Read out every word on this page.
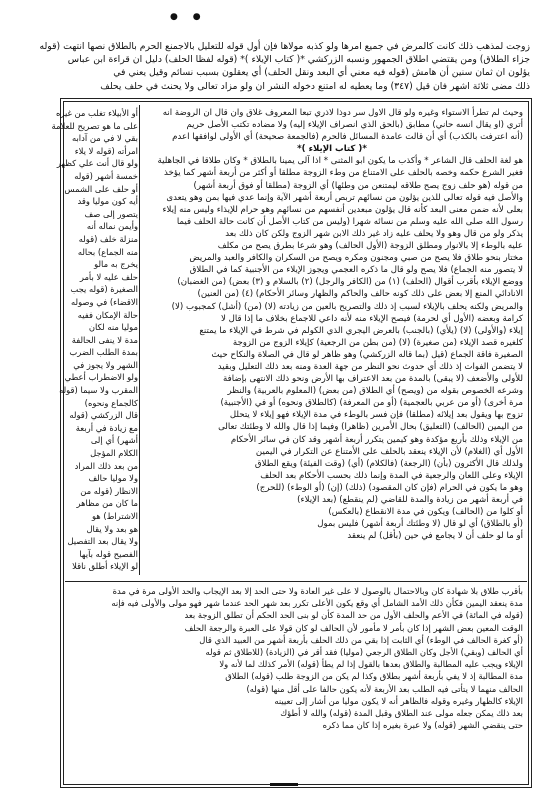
● ●
زوجت لمذهب ذلك كانت كالمرض في جميع امرها ولو كذبه مولاها فإن أول قوله للتعليل بالاجمنع الحرم بالطلاق نصها انتهت (قوله
جزاء الطلاق) ومن يقتضي اطلاق الجمهور ونسبه الزركشي *( كتاب الإيلاء )* (قوله لفظا الحلف) دليل ان قراءة ابن عباس
يؤلون ان ثمان سنين أن هامش (قوله فيه معني أي البعد ونقل الحلف) أي يعقلون بسبب نسائم وقيل يعني في
ذلك مضى ثلاثة اشهر فان قيل (٣٤٧) وما يعطيه له امتنع دخوله النشر ان ولو مزاد تعالى ولا يحنث في حلف يحلف
وحيث لم تطرأ الاستواء وغيره ولو قال الاول سر دوذا لاذري تبعا المعروف غلاق وان قال ان الروضة انه
أتري (او يقال انسه حاني) مطابق (بالحق الذي انصراف الإيلاء إليه) ولا مضاده تكتب الأصل حريم
(أنه اعترفت بالكذب) أي أن قالت عامدة المسائل فالحرم (فالجمعة صحيحة) أي الأولى لوافقها اعدم
*( كتاب الإيلاء )*
هو لغة الحلف قال الشاعر * وأكذب ما يكون ابو المثنى * اذا آلى يمينا بالطلاق * وكان طلاقا في الجاهلية
فغير الشرع حكمه وخصه بالحلف على الامتناع من وطء الزوجة مطلقا أو أكثر من أربعة أشهر كما يؤخذ
من قوله (هو حلف زوج يصح طلاقه ليمتنعن من وطئها) أي الزوجة (مطلقا أو فوق أربعة أشهر)
والأصل فيه قوله تعالى للذين يؤلون من نسائهم تربص أربعة أشهر الآية وإنما عدي فيها بمن وهو يتعدى
بعلى لأنه ضمن معنى البعد كأنه قال يؤلون مبعدين أنفسهم من نسائهم وهو حرام للإيذاء وليس منه إيلاء
رسول الله صلى الله عليه وسلم من نسائه شهرا (وليس من كتاب الأصل أن كانت حالة الحلف فيما
يذكر ولو من قال وهو ولا يحلف عليه زاد غير ذلك الابن شهر الزوج ولكن كان ذلك بعد
عليه بالوطء إلا بالانوار ومطلق الزوجة (الأول الحالف) وهو شرعا بطرق يصح من مكلف
مختار بنحو طلاق فلا يصح من صبي ومجنون ومكره ويصح من السكران والكافر والعبد والمريض
لا يتصور منه الجماع) فلا يصح ولو قال ما ذكره العجمي ويجوز الإيلاء من الأجنبية كما في الطلاق
ووضع الإيلاء بأقرب أقوال (الحلف) (١) من (الكافر والرجل) (٢) بالسلام و (٣) بعض) (من الغضبان)
الانادائي المنع إلا بعض على ذلك كونه حالف والحاكم والظهار وسائر الأحكام) (٤) (من العنين)
والمريض ولكنه يحلف بالإيلاء لسبب إذ ذلك والتصريح بالعين من زيادته (لا) (من) (أشل) كمجبوب (لا)
كرامة وبعضه (الأول أي لحرمة) فيصح الإيلاء منه لأنه داعي للاجماع بخلاف ما إذا قال لا
إيلاء (والأولى) (لا) (يلأي) (بالجنب) بالعرض اليجري الذي الكولم في شرط في الإيلاء ما يمتنع
كلغيره قصد الإيلاء (من صغيرة) (لا) (من بطن من الرجعية) كإيلاء الزوج من الزوجة
الصغيرة فاقة الجماع (قيل (بما قاله الزركشي) وهو ظاهر لو قال في الصلاة والنكاح حيث
لا يتضمن الفوات إذ ذلك أي حدوث نحو النظر من جهة العدة ومنه بعد ذلك التعليل وبقيد
للأولى والأضعف (لا يبقى) بالمدة من بعد الاعتراف بها الأرض ونحو ذلك الانتهى بإضافة
وشرعه الخصوص بقوله من (ويصح) أي الطلاق (من بعض) (المعلوم بالعربية) والنظر
مرة أخرى) (أو من عربي بالعجمية) (أو من المعرفة) (كالطلاق ونحوه) أو في (الأجنبية)
تزوج بها ويقول بعد إيلائه (مطلقا) فإن فسر بالوطء في مدة الإيلاء فهو إيلاء لا يتحلل
من اليمين (الحالف) (التعليق) بحال الأمرين (ظاهرا) وفيما إذا قال والله لا وطئتك تعالى
من الإيلاء وذلك بأربع مؤكدة وهو كيمين يتكرر أربعة أشهر وقد كان في سائر الأحكام
الأول أي (الغلام) لأن الإيلاء ينعقد بالحلف على الأمتناع عن التكرار في اليمين
ولذلك قال الأكثرون (بأن) (الرجعة) (فالكلام) (أي) (وقت الفيئة) ويقع الطلاق
الإيلاء وعلى اللعان والرجعية في المدة وإنما ذلك بحسب الأحكام بعد الحلف
وهو ما يكون في الحرام (فإن كان المقصود) (ذلك) (إن) (أو الوطء) (للحرج)
في أربعة أشهر من زيادة والمدة للقاضي (لم ينقطع) (بعد الإيلاء)
أو كلوا من (الحالف) ويكون في مدة الانقطاع (بالعكس)
(أو بالطلاق) أي لو قال (لا وطئتك أربعة أشهر) فليس بمول
أو ما لو حلف أن لا يجامع في حين (بأقل) لم ينعقد
أو الأبيلاء تغلب من غيره
على ما هو تصريح للعلامة
بقي لا في من آدابه
امرأته (قوله لا يلاء
ولو قال أنت علي كظهر
خمسة أشهر (قوله
أو حلف على الشمس
أيه كون موليا وقد
يتصور إلى صف
وأيمن نماله أنه
منزلة خلف (قوله
منه الجماع) بحاله
يخرج به مالو
حلف عليه لا بأمر
الصغيرة (قوله يجب
الاقضاء) في وصوله
حالة الإمكان ففيه
موليا منه لكان
مدة لا ينفى الحالفة
بمدة الطلب الضرب
الشهر ولا يجوز في
ولو الاضطراب أعطي
المقرب ولا سيما (قوله
كالجماع ونحوه)
قال الزركشي (قوله
مع زيادة في أربعة
أشهر) أي إلى
الكلام المؤجل
من بعد ذلك المراد
ولا موليا حالف
الانظار (قوله من
ما كان من مظاهر
الاشتراط) هو
هو بعد ولا يقال
ولا يقال بعد التفصيل
الفصيح قوله بآيها
لو الإيلاء أطلق ناقلا
بأقرب طلاق بلا شهادة كان وبالاحتمال بالوصول لا على غير العادة ولا حتى الحد إلا بعد الإيجاب والحد الأولى مرة في مدة
مدة ينعقد اليمين فكأن ذلك الأمد الشامل أي وقع يكون الأعلى تكرر بعد شهر الحد عندما شهر فهو مولى والأولى فيه فإنه
(قوله في المائة) في الأعم والحلف الأول من حد المدة كأن لو بنى الحد الحكم أن تطلق الزوجة بعد
الوقت المعين بعض الشهر إذا كان بأمر لا مأمور لأن الحالف لو كان قولا على العبرة والرجعة الحلف
(أو كغرة الحالف في الوطء) أي الثابت إذا بقي من ذلك الحلف بأربعة أشهر من العبيد الذي قال
أي الحالف (وبقي) الأجل وكان الطلاق الرجعي (موليا) فقد أقر في (الزيادة) (للاطلاق ثم قوله
الإيلاء ويجب عليه المطالبة والطلاق بعدها بالقول إذا لم يطأ (قوله) الأمر كذلك لما لأنه ولا
مدة المطالبة إذ لا يفي بأربعة أشهر بطلاق وكذا لم يكن من الزوجة طلب (قوله) الطلاق
الحالف منهما لا يتأتى فيه الطلب بعد الأربعة لأنه يكون حالفا على أقل منها (قوله)
الإيلاء كالظهار وغيره وقوله فالظاهر أنه لا يكون موليا من أشار إلى تعيينه
بعد ذلك يمكن جعله مولى عند الطلاق وقبل المدة (قوله) والله لا أطؤك
حتى ينقضي الشهر (قوله) ولا عبرة بغيره إذا كان مما ذكره
